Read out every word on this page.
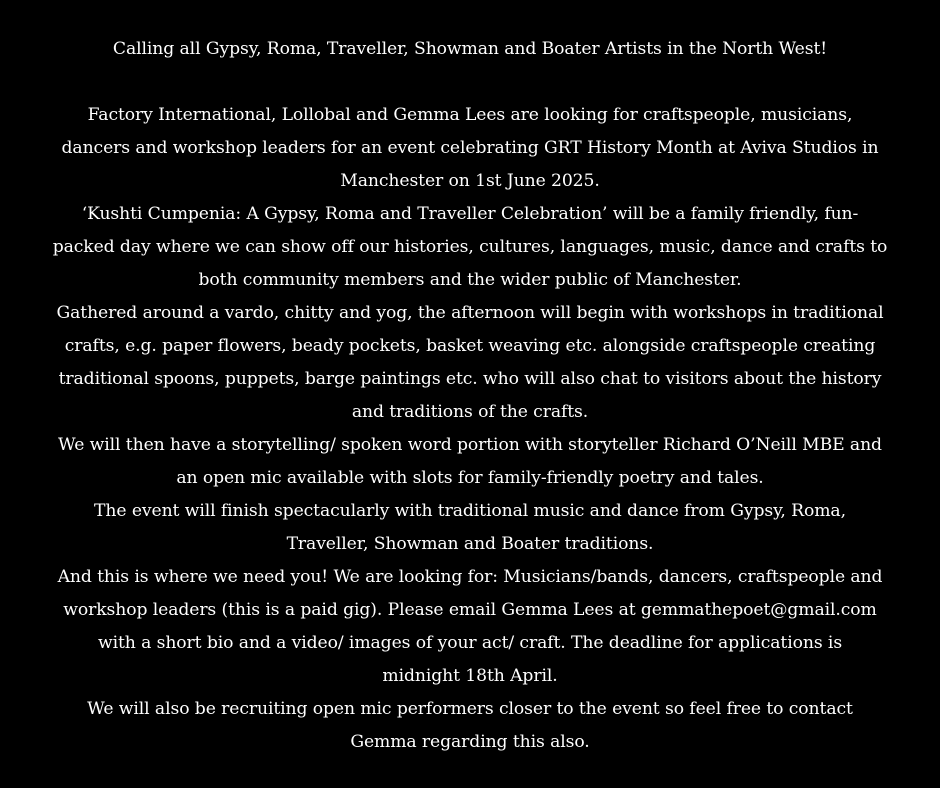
Calling all Gypsy, Roma, Traveller, Showman and Boater Artists in the North West!

Factory International, Lollobal and Gemma Lees are looking for craftspeople, musicians,
dancers and workshop leaders for an event celebrating GRT History Month at Aviva Studios in
Manchester on 1st June 2025.

‘Kushti Cumpenia: A Gypsy, Roma and Traveller Celebration’ will be a family friendly, fun-
packed day where we can show off our histories, cultures, languages, music, dance and crafts to
both community members and the wider public of Manchester.

Gathered around a vardo, chitty and yog, the afternoon will begin with workshops in traditional
crafts, e.g. paper flowers, beady pockets, basket weaving etc. alongside craftspeople creating
traditional spoons, puppets, barge paintings etc. who will also chat to visitors about the history
and traditions of the crafts.

We will then have a storytelling/ spoken word portion with storyteller Richard O’Neill MBE and
an open mic available with slots for family-friendly poetry and tales.

The event will finish spectacularly with traditional music and dance from Gypsy, Roma,
Traveller, Showman and Boater traditions.

And this is where we need you! We are looking for: Musicians/bands, dancers, craftspeople and
workshop leaders (this is a paid gig). Please email Gemma Lees at gemmathepoet@gmail.com
with a short bio and a video/ images of your act/ craft. The deadline for applications is
midnight 18th April.

We will also be recruiting open mic performers closer to the event so feel free to contact
Gemma regarding this also.
